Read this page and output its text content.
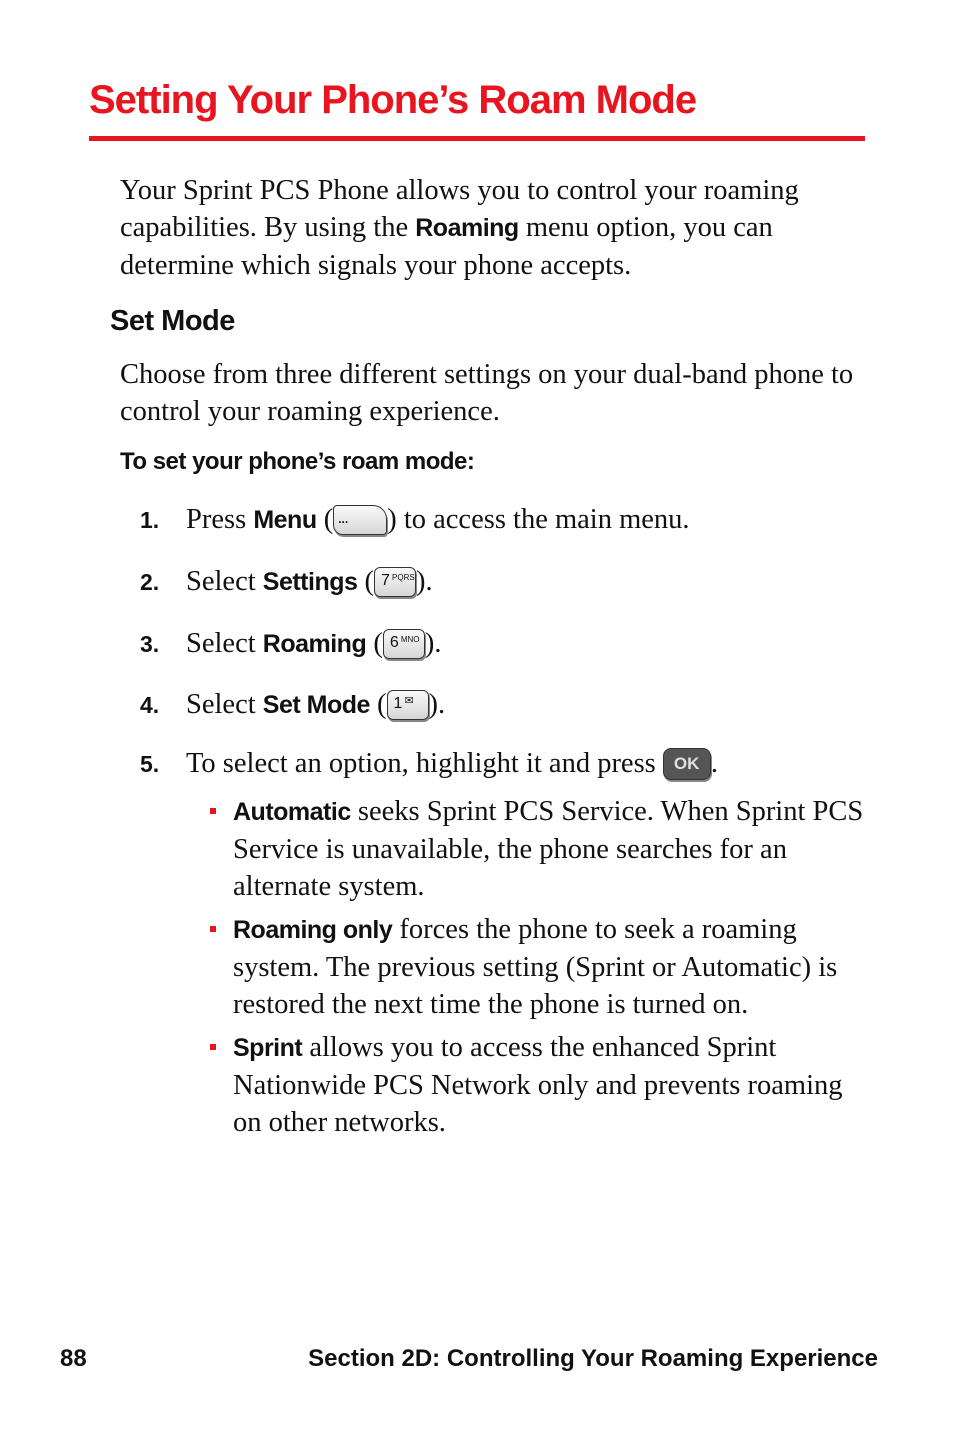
Setting Your Phone’s Roam Mode

Your Sprint PCS Phone allows you to control your roaming capabilities. By using the Roaming menu option, you can determine which signals your phone accepts.

Set Mode

Choose from three different settings on your dual-band phone to control your roaming experience.

To set your phone’s roam mode:
1. Press Menu ( ... ) to access the main menu.
2. Select Settings ( 7 PQRS ).
3. Select Roaming ( 6 MNO ).
4. Select Set Mode ( 1 ✉ ).
5. To select an option, highlight it and press OK .
Automatic seeks Sprint PCS Service. When Sprint PCS Service is unavailable, the phone searches for an alternate system.
Roaming only forces the phone to seek a roaming system. The previous setting (Sprint or Automatic) is restored the next time the phone is turned on.
Sprint allows you to access the enhanced Sprint Nationwide PCS Network only and prevents roaming on other networks.
88	Section 2D: Controlling Your Roaming Experience
